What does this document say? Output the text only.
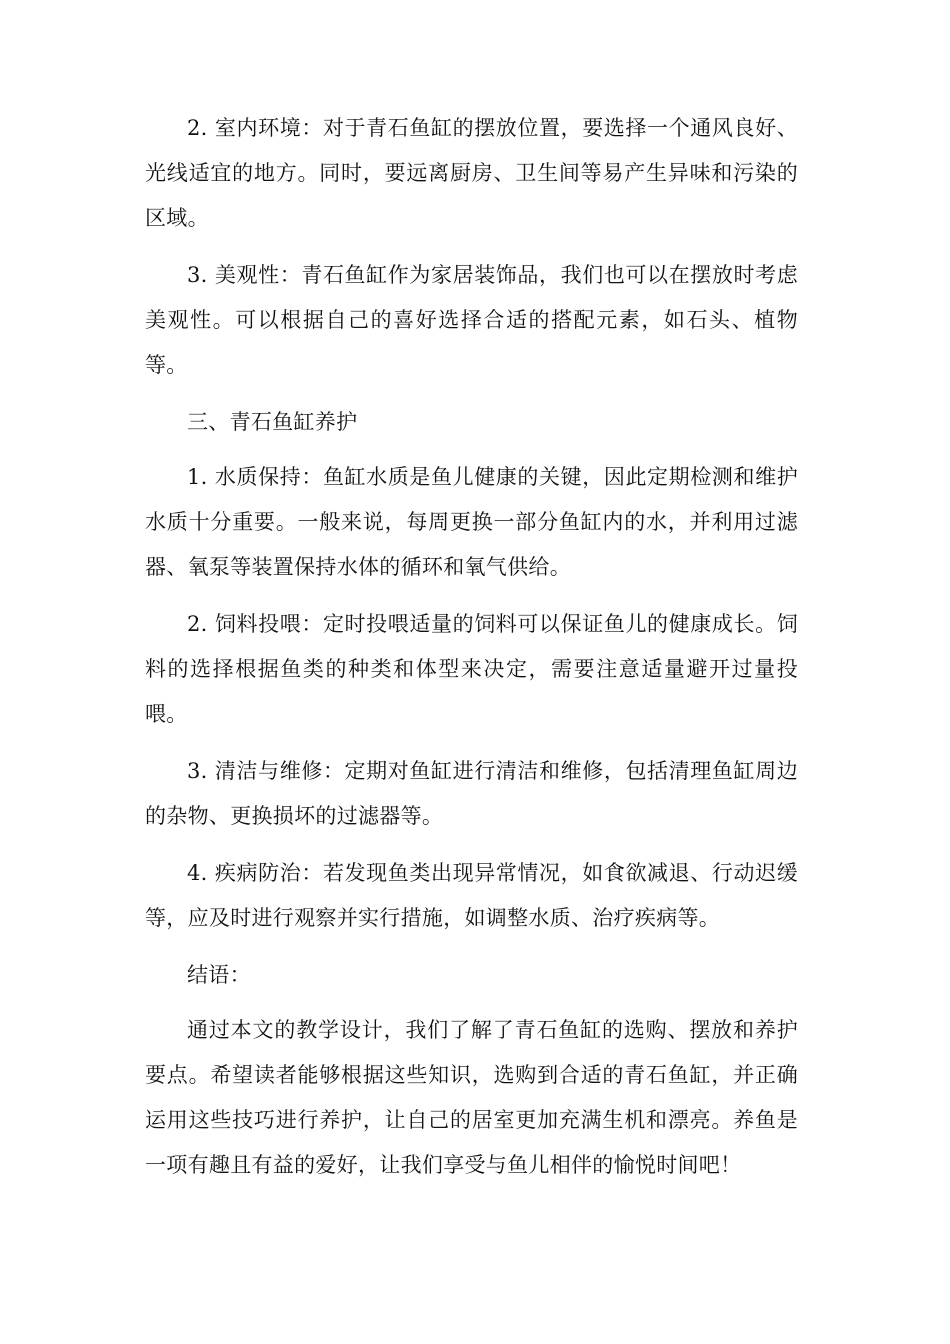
2. 室内环境：对于青石鱼缸的摆放位置，要选择一个通风良好、光线适宜的地方。同时，要远离厨房、卫生间等易产生异味和污染的区域。

3. 美观性：青石鱼缸作为家居装饰品，我们也可以在摆放时考虑美观性。可以根据自己的喜好选择合适的搭配元素，如石头、植物等。

三、青石鱼缸养护

1. 水质保持：鱼缸水质是鱼儿健康的关键，因此定期检测和维护水质十分重要。一般来说，每周更换一部分鱼缸内的水，并利用过滤器、氧泵等装置保持水体的循环和氧气供给。

2. 饲料投喂：定时投喂适量的饲料可以保证鱼儿的健康成长。饲料的选择根据鱼类的种类和体型来决定，需要注意适量避开过量投喂。

3. 清洁与维修：定期对鱼缸进行清洁和维修，包括清理鱼缸周边的杂物、更换损坏的过滤器等。

4. 疾病防治：若发现鱼类出现异常情况，如食欲减退、行动迟缓等，应及时进行观察并实行措施，如调整水质、治疗疾病等。

结语：

通过本文的教学设计，我们了解了青石鱼缸的选购、摆放和养护要点。希望读者能够根据这些知识，选购到合适的青石鱼缸，并正确运用这些技巧进行养护，让自己的居室更加充满生机和漂亮。养鱼是一项有趣且有益的爱好，让我们享受与鱼儿相伴的愉悦时间吧！
